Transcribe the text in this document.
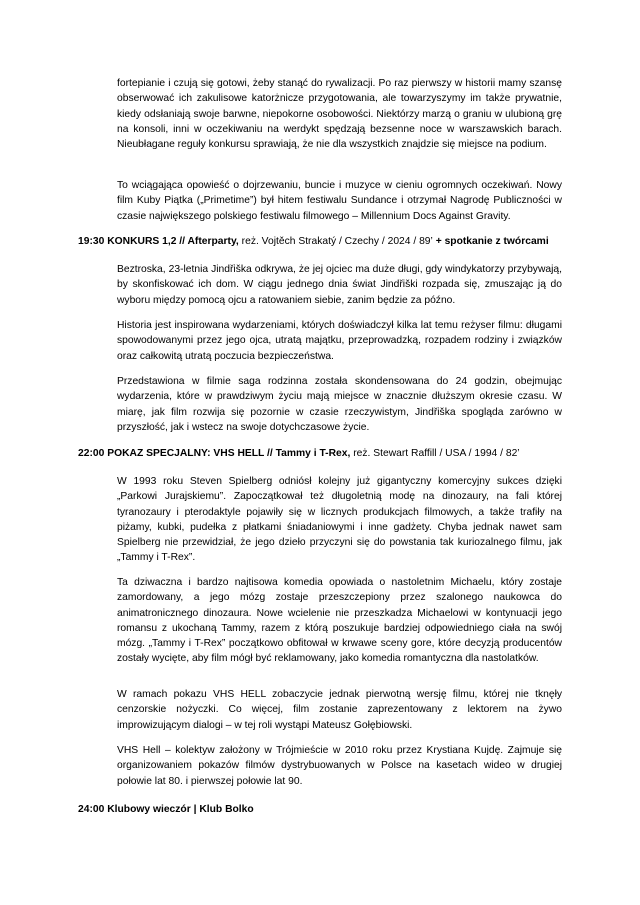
fortepianie i czują się gotowi, żeby stanąć do rywalizacji. Po raz pierwszy w historii mamy szansę obserwować ich zakulisowe katorżnicze przygotowania, ale towarzyszymy im także prywatnie, kiedy odsłaniają swoje barwne, niepokorne osobowości. Niektórzy marzą o graniu w ulubioną grę na konsoli, inni w oczekiwaniu na werdykt spędzają bezsenne noce w warszawskich barach. Nieubłagane reguły konkursu sprawiają, że nie dla wszystkich znajdzie się miejsce na podium.

To wciągająca opowieść o dojrzewaniu, buncie i muzyce w cieniu ogromnych oczekiwań. Nowy film Kuby Piątka („Primetime”) był hitem festiwalu Sundance i otrzymał Nagrodę Publiczności w czasie największego polskiego festiwalu filmowego – Millennium Docs Against Gravity.

19:30 KONKURS 1,2 // Afterparty, reż. Vojtěch Strakatý / Czechy / 2024 / 89’ + spotkanie z twórcami

Beztroska, 23-letnia Jindřiška odkrywa, że jej ojciec ma duże długi, gdy windykatorzy przybywają, by skonfiskować ich dom. W ciągu jednego dnia świat Jindřiški rozpada się, zmuszając ją do wyboru między pomocą ojcu a ratowaniem siebie, zanim będzie za późno.

Historia jest inspirowana wydarzeniami, których doświadczył kilka lat temu reżyser filmu: długami spowodowanymi przez jego ojca, utratą majątku, przeprowadzką, rozpadem rodziny i związków oraz całkowitą utratą poczucia bezpieczeństwa.

Przedstawiona w filmie saga rodzinna została skondensowana do 24 godzin, obejmując wydarzenia, które w prawdziwym życiu mają miejsce w znacznie dłuższym okresie czasu. W miarę, jak film rozwija się pozornie w czasie rzeczywistym, Jindřiška spogląda zarówno w przyszłość, jak i wstecz na swoje dotychczasowe życie.

22:00 POKAZ SPECJALNY: VHS HELL // Tammy i T-Rex, reż. Stewart Raffill / USA / 1994 / 82’

W 1993 roku Steven Spielberg odniósł kolejny już gigantyczny komercyjny sukces dzięki „Parkowi Jurajskiemu”. Zapoczątkował też długoletnią modę na dinozaury, na fali której tyranozaury i pterodaktyle pojawiły się w licznych produkcjach filmowych, a także trafiły na piżamy, kubki, pudełka z płatkami śniadaniowymi i inne gadżety. Chyba jednak nawet sam Spielberg nie przewidział, że jego dzieło przyczyni się do powstania tak kuriozalnego filmu, jak „Tammy i T-Rex”.

Ta dziwaczna i bardzo najtisowa komedia opowiada o nastoletnim Michaelu, który zostaje zamordowany, a jego mózg zostaje przeszczepiony przez szalonego naukowca do animatronicznego dinozaura. Nowe wcielenie nie przeszkadza Michaelowi w kontynuacji jego romansu z ukochaną Tammy, razem z którą poszukuje bardziej odpowiedniego ciała na swój mózg. „Tammy i T-Rex” początkowo obfitował w krwawe sceny gore, które decyzją producentów zostały wycięte, aby film mógł być reklamowany, jako komedia romantyczna dla nastolatków.

W ramach pokazu VHS HELL zobaczycie jednak pierwotną wersję filmu, której nie tknęły cenzorskie nożyczki. Co więcej, film zostanie zaprezentowany z lektorem na żywo improwizującym dialogi – w tej roli wystąpi Mateusz Gołębiowski.

VHS Hell – kolektyw założony w Trójmieście w 2010 roku przez Krystiana Kujdę. Zajmuje się organizowaniem pokazów filmów dystrybuowanych w Polsce na kasetach wideo w drugiej połowie lat 80. i pierwszej połowie lat 90.

24:00 Klubowy wieczór | Klub Bolko
